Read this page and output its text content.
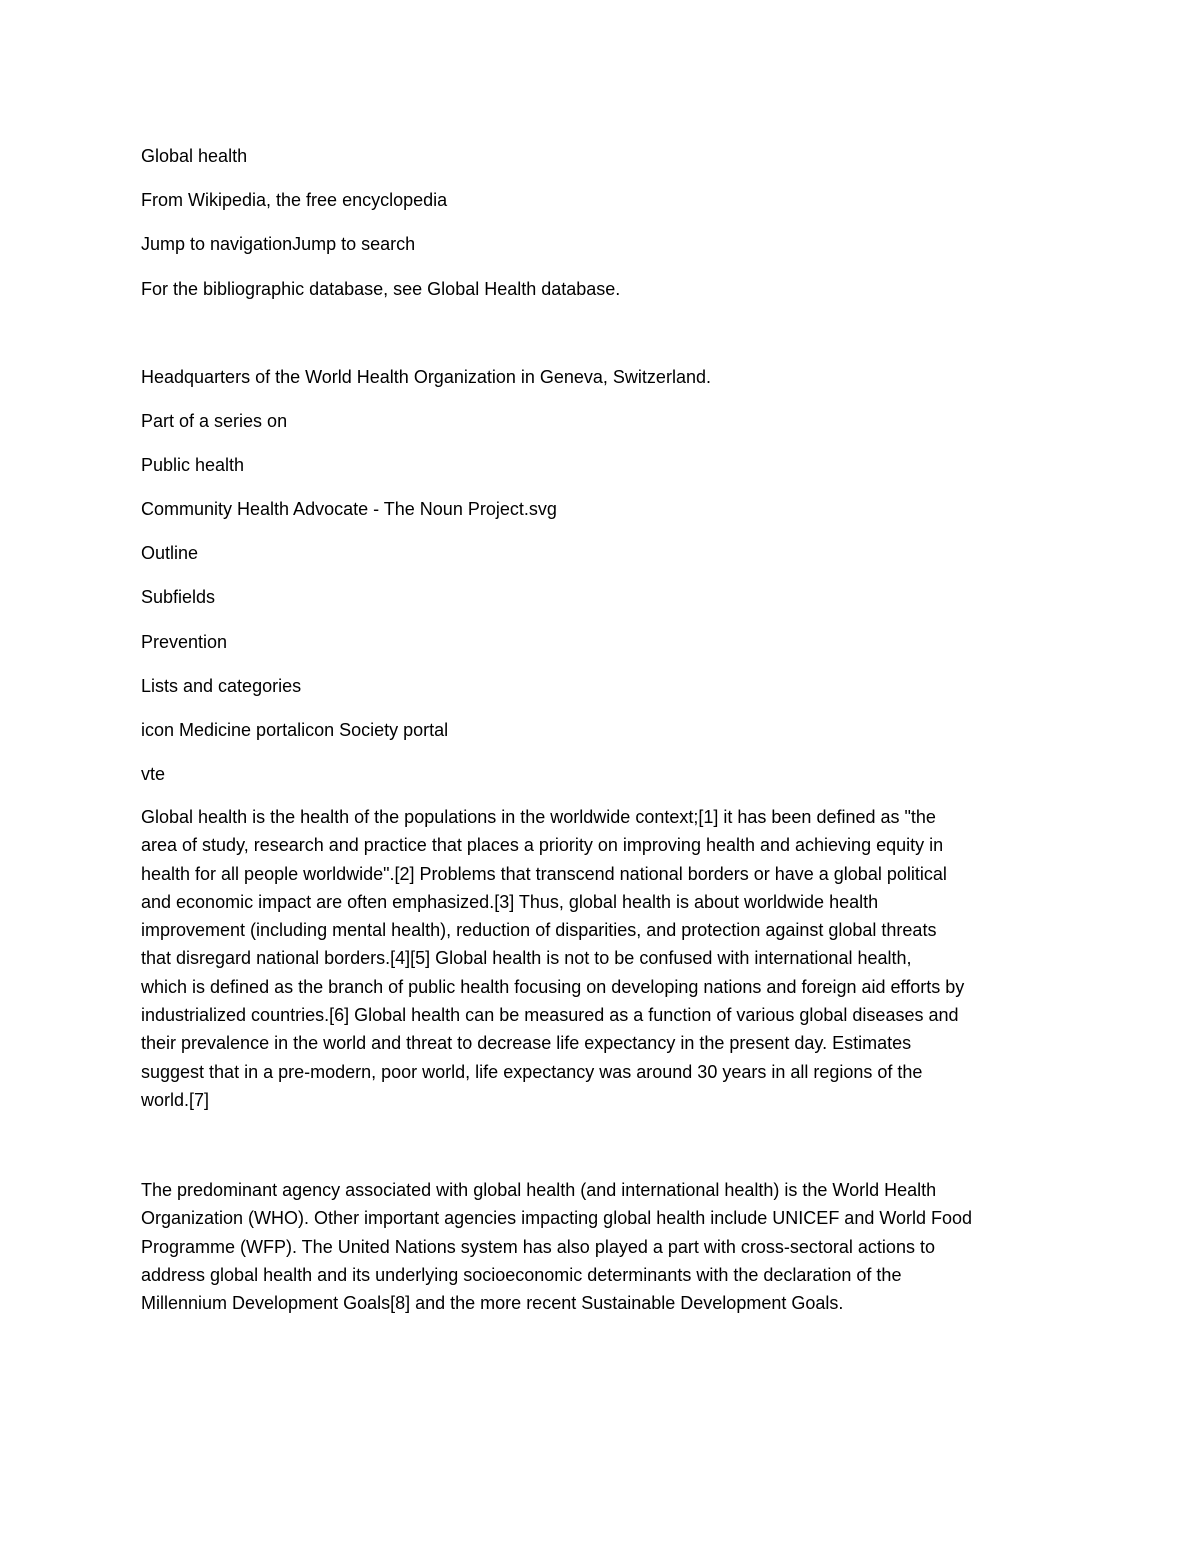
Global health
From Wikipedia, the free encyclopedia
Jump to navigationJump to search
For the bibliographic database, see Global Health database.
Headquarters of the World Health Organization in Geneva, Switzerland.
Part of a series on
Public health
Community Health Advocate - The Noun Project.svg
Outline
Subfields
Prevention
Lists and categories
icon Medicine portalicon Society portal
vte
Global health is the health of the populations in the worldwide context;[1] it has been defined as "the
area of study, research and practice that places a priority on improving health and achieving equity in
health for all people worldwide".[2] Problems that transcend national borders or have a global political
and economic impact are often emphasized.[3] Thus, global health is about worldwide health
improvement (including mental health), reduction of disparities, and protection against global threats
that disregard national borders.[4][5] Global health is not to be confused with international health,
which is defined as the branch of public health focusing on developing nations and foreign aid efforts by
industrialized countries.[6] Global health can be measured as a function of various global diseases and
their prevalence in the world and threat to decrease life expectancy in the present day. Estimates
suggest that in a pre-modern, poor world, life expectancy was around 30 years in all regions of the
world.[7]
The predominant agency associated with global health (and international health) is the World Health
Organization (WHO). Other important agencies impacting global health include UNICEF and World Food
Programme (WFP). The United Nations system has also played a part with cross-sectoral actions to
address global health and its underlying socioeconomic determinants with the declaration of the
Millennium Development Goals[8] and the more recent Sustainable Development Goals.
